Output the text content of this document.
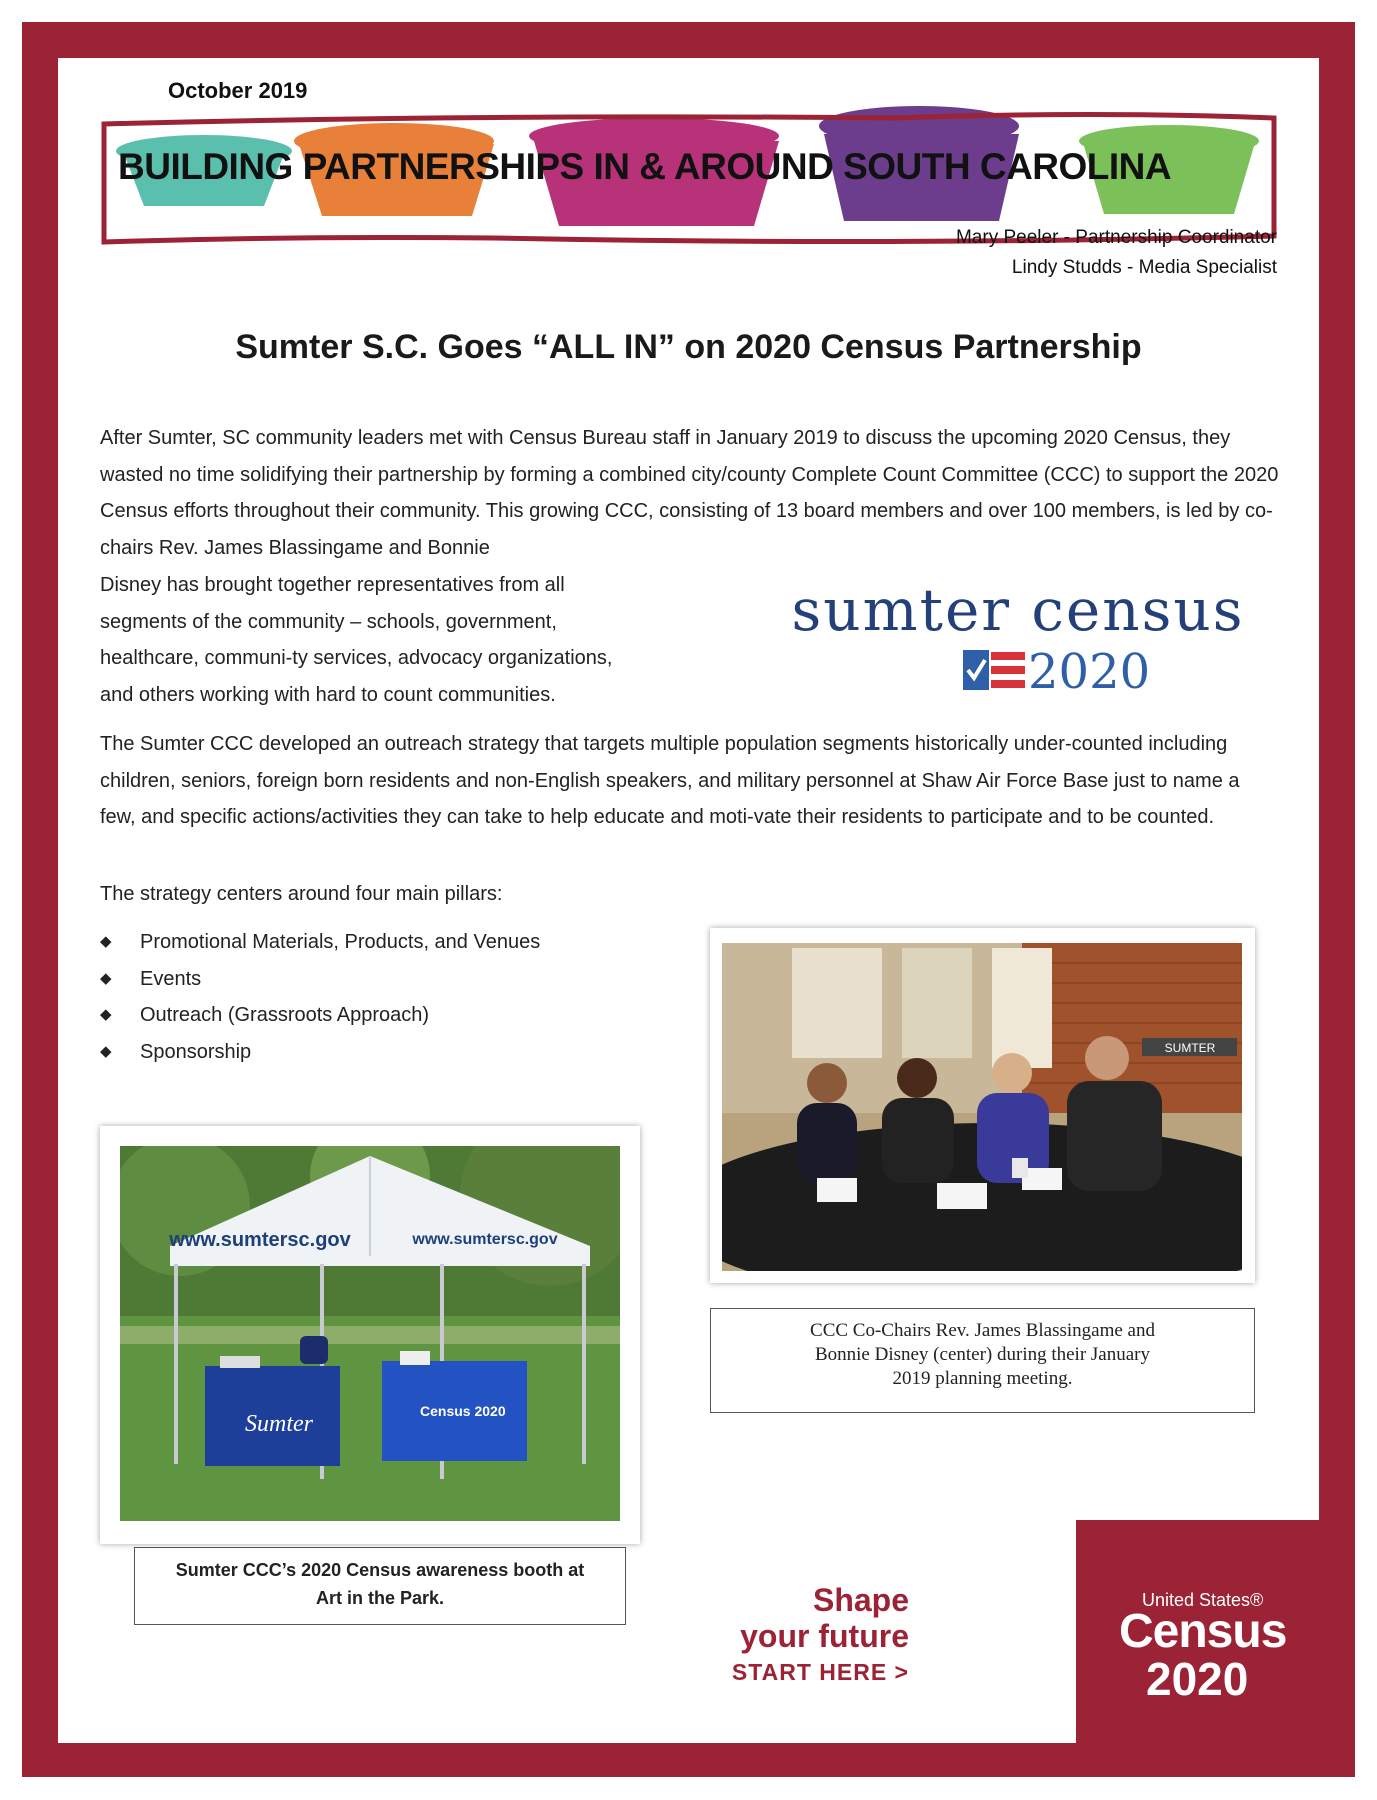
October 2019
BUILDING PARTNERSHIPS IN & AROUND SOUTH CAROLINA
Mary Peeler - Partnership Coordinator
Lindy Studds - Media Specialist
Sumter S.C. Goes “ALL IN” on 2020 Census Partnership
After Sumter, SC community leaders met with Census Bureau staff in January 2019 to discuss the upcoming 2020 Census, they wasted no time solidifying their partnership by forming a combined city/county Complete Count Committee (CCC) to support the 2020 Census efforts throughout their community. This growing CCC, consisting of 13 board members and over 100 members, is led by co-chairs Rev. James Blassingame and Bonnie
Disney has brought together representatives from all segments of the community – schools, government, healthcare, communi-ty services, advocacy organizations, and others working with hard to count communities.
sumter census
2020
The Sumter CCC developed an outreach strategy that targets multiple population segments historically under-counted including children, seniors, foreign born residents and non-English speakers, and military personnel at Shaw Air Force Base just to name a few, and specific actions/activities they can take to help educate and moti-vate their residents to participate and to be counted.
The strategy centers around four main pillars:
◆	Promotional Materials, Products, and Venues
◆	Events
◆	Outreach (Grassroots Approach)
◆	Sponsorship	SUMTER
CCC Co-Chairs Rev. James Blassingame and Bonnie Disney (center) during their January 2019 planning meeting.
www.sumtersc.gov	www.sumtersc.gov
Sumter	Census 2020
Sumter CCC’s 2020 Census awareness booth at Art in the Park.	Shape
your future
START HERE >
United States®
Census
2020
